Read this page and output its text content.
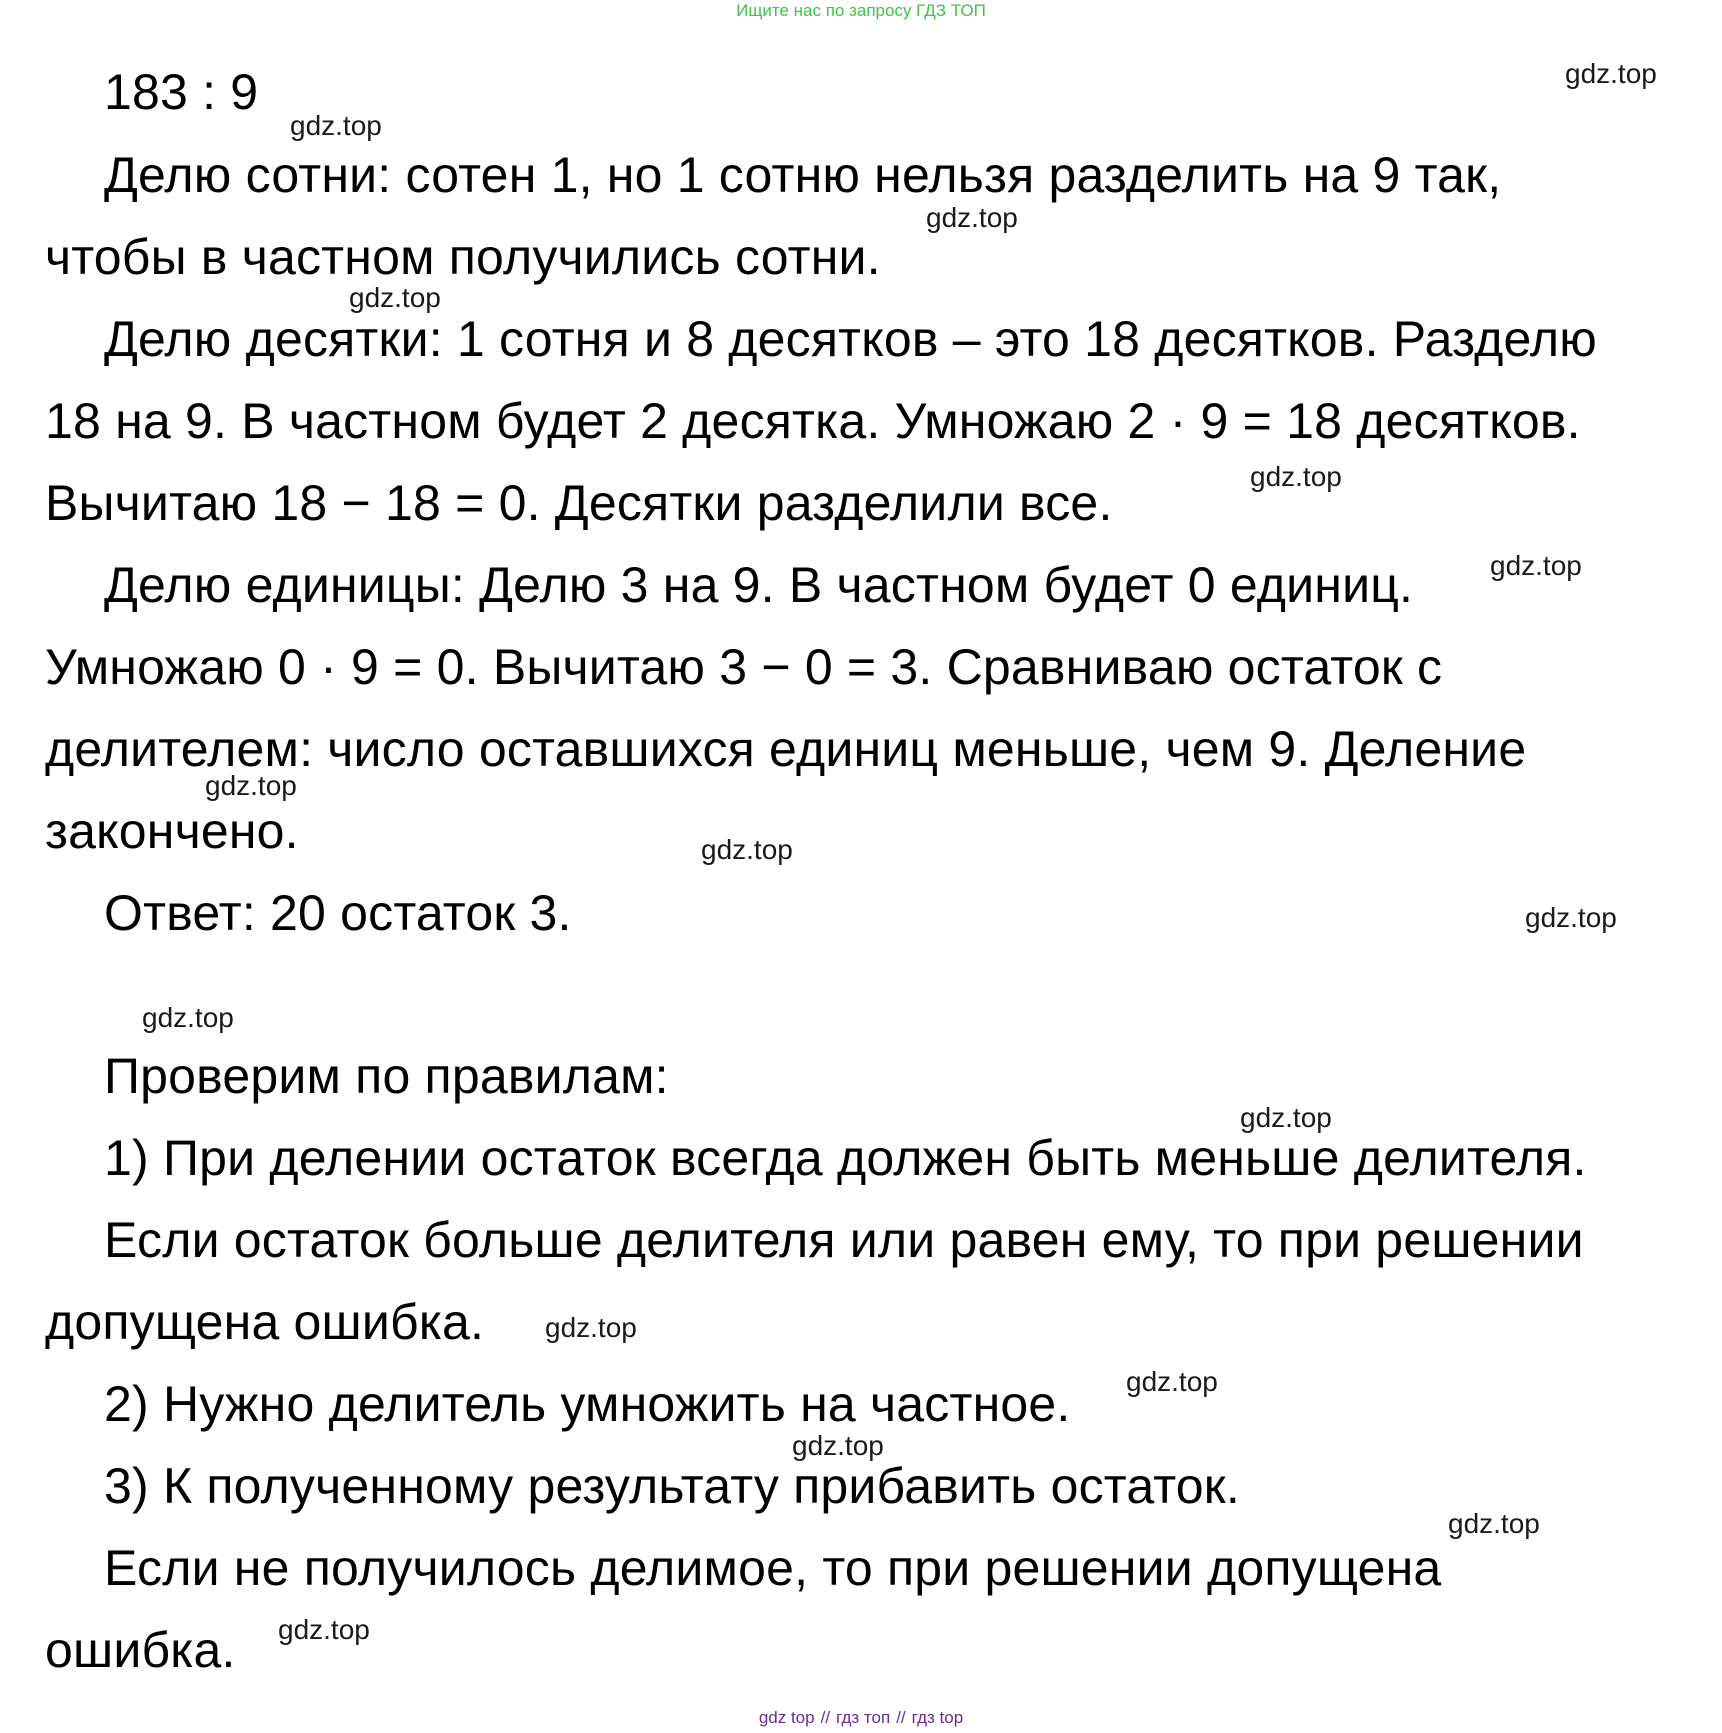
Ищите нас по запросу ГДЗ ТОП
183 : 9
Делю сотни: сотен 1, но 1 сотню нельзя разделить на 9 так,
чтобы в частном получились сотни.
Делю десятки: 1 сотня и 8 десятков – это 18 десятков. Разделю
18 на 9. В частном будет 2 десятка. Умножаю 2 · 9 = 18 десятков.
Вычитаю 18 − 18 = 0. Десятки разделили все.
Делю единицы: Делю 3 на 9. В частном будет 0 единиц.
Умножаю 0 · 9 = 0. Вычитаю 3 − 0 = 3. Сравниваю остаток с
делителем: число оставшихся единиц меньше, чем 9. Деление
закончено.
Ответ: 20 остаток 3.
Проверим по правилам:
1) При делении остаток всегда должен быть меньше делителя.
Если остаток больше делителя или равен ему, то при решении
допущена ошибка.
2) Нужно делитель умножить на частное.
3) К полученному результату прибавить остаток.
Если не получилось делимое, то при решении допущена
ошибка.
gdz.top
gdz.top
gdz.top
gdz.top
gdz.top
gdz.top
gdz.top
gdz.top
gdz.top
gdz.top
gdz.top
gdz.top
gdz.top
gdz.top
gdz.top
gdz.top
gdz top // гдз топ // гдз top
